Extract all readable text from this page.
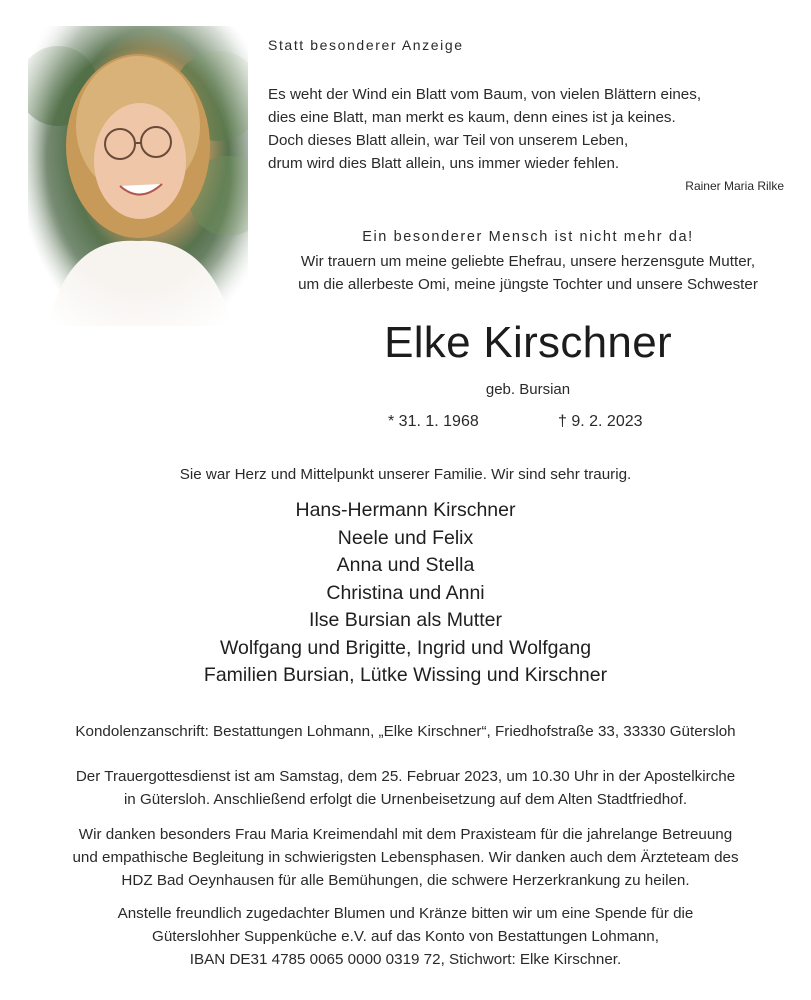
Statt besonderer Anzeige

Es weht der Wind ein Blatt vom Baum, von vielen Blättern eines,
dies eine Blatt, man merkt es kaum, denn eines ist ja keines.
Doch dieses Blatt allein, war Teil von unserem Leben,
drum wird dies Blatt allein, uns immer wieder fehlen.

Rainer Maria Rilke

Ein besonderer Mensch ist nicht mehr da!

Wir trauern um meine geliebte Ehefrau, unsere herzensgute Mutter,
um die allerbeste Omi, meine jüngste Tochter und unsere Schwester

Elke Kirschner

geb. Bursian

* 31. 1. 1968	† 9. 2. 2023

Sie war Herz und Mittelpunkt unserer Familie. Wir sind sehr traurig.

Hans-Hermann Kirschner
Neele und Felix
Anna und Stella
Christina und Anni
Ilse Bursian als Mutter
Wolfgang und Brigitte, Ingrid und Wolfgang
Familien Bursian, Lütke Wissing und Kirschner

Kondolenzanschrift: Bestattungen Lohmann, „Elke Kirschner“, Friedhofstraße 33, 33330 Gütersloh

Der Trauergottesdienst ist am Samstag, dem 25. Februar 2023, um 10.30 Uhr in der Apostelkirche
in Gütersloh. Anschließend erfolgt die Urnenbeisetzung auf dem Alten Stadtfriedhof.
Wir danken besonders Frau Maria Kreimendahl mit dem Praxisteam für die jahrelange Betreuung
und empathische Begleitung in schwierigsten Lebensphasen. Wir danken auch dem Ärzteteam des
HDZ Bad Oeynhausen für alle Bemühungen, die schwere Herzerkrankung zu heilen.
Anstelle freundlich zugedachter Blumen und Kränze bitten wir um eine Spende für die
Güterslohher Suppenküche e.V. auf das Konto von Bestattungen Lohmann,
IBAN DE31 4785 0065 0000 0319 72, Stichwort: Elke Kirschner.
